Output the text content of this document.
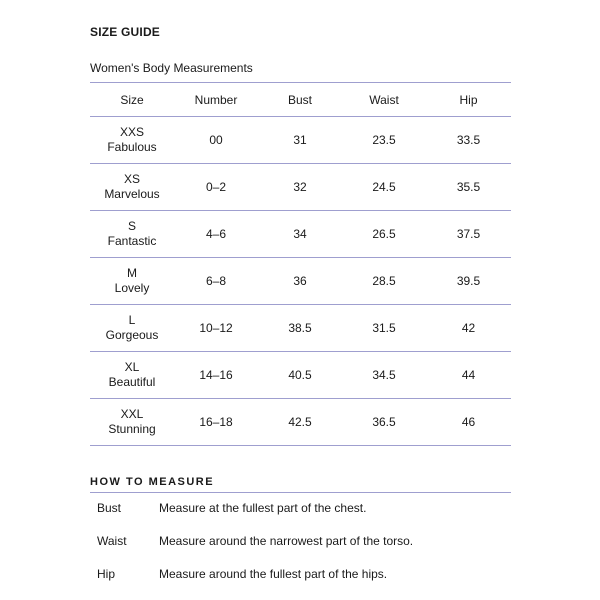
SIZE GUIDE
Women's Body Measurements
Size	Number	Bust	Waist	Hip

XXS
Fabulous	00	31	23.5	33.5

XS
Marvelous	0–2	32	24.5	35.5

S
Fantastic	4–6	34	26.5	37.5

M
Lovely	6–8	36	28.5	39.5

L
Gorgeous	10–12	38.5	31.5	42

XL
Beautiful	14–16	40.5	34.5	44

XXL
Stunning	16–18	42.5	36.5	46
HOW TO MEASURE
Bust	Measure at the fullest part of the chest.
Waist	Measure around the narrowest part of the torso.
Hip	Measure around the fullest part of the hips.
